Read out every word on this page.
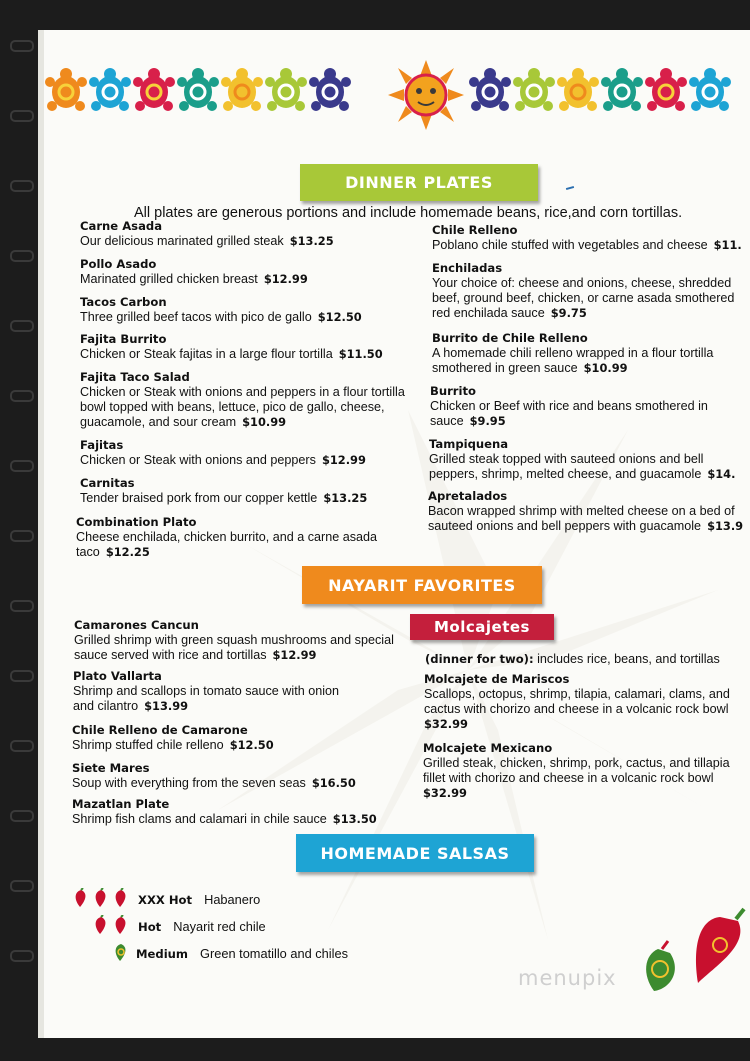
DINNER PLATES
All plates are generous portions and include homemade beans, rice,and corn tortillas.
Carne Asada
Our delicious marinated grilled steak $13.25
Pollo Asado
Marinated grilled chicken breast $12.99
Tacos Carbon
Three grilled beef tacos with pico de gallo $12.50
Fajita Burrito
Chicken or Steak fajitas in a large flour tortilla $11.50
Fajita Taco Salad
Chicken or Steak with onions and peppers in a flour tortilla bowl topped with beans, lettuce, pico de gallo, cheese, guacamole, and sour cream $10.99
Fajitas
Chicken or Steak with onions and peppers $12.99
Carnitas
Tender braised pork from our copper kettle $13.25
Combination Plato
Cheese enchilada, chicken burrito, and a carne asada taco $12.25
Chile Relleno
Poblano chile stuffed with vegetables and cheese $11.
Enchiladas
Your choice of: cheese and onions, cheese, shredded beef, ground beef, chicken, or carne asada smothered red enchilada sauce $9.75
Burrito de Chile Relleno
A homemade chili relleno wrapped in a flour tortilla smothered in green sauce $10.99
Burrito
Chicken or Beef with rice and beans smothered in sauce $9.95
Tampiquena
Grilled steak topped with sauteed onions and bell peppers, shrimp, melted cheese, and guacamole $14.
Apretalados
Bacon wrapped shrimp with melted cheese on a bed of sauteed onions and bell peppers with guacamole $13.9
NAYARIT FAVORITES
Molcajetes
Camarones Cancun
Grilled shrimp with green squash mushrooms and special sauce served with rice and tortillas $12.99
Plato Vallarta
Shrimp and scallops in tomato sauce with onion and cilantro $13.99
Chile Relleno de Camarone
Shrimp stuffed chile relleno $12.50
Siete Mares
Soup with everything from the seven seas $16.50
Mazatlan Plate
Shrimp fish clams and calamari in chile sauce $13.50
(dinner for two): includes rice, beans, and tortillas
Molcajete de Mariscos
Scallops, octopus, shrimp, tilapia, calamari, clams, and cactus with chorizo and cheese in a volcanic rock bowl
$32.99
Molcajete Mexicano
Grilled steak, chicken, shrimp, pork, cactus, and tillapia fillet with chorizo and cheese in a volcanic rock bowl
$32.99
HOMEMADE SALSAS
XXX Hot Habanero
Hot Nayarit red chile
Medium Green tomatillo and chiles
menupix
